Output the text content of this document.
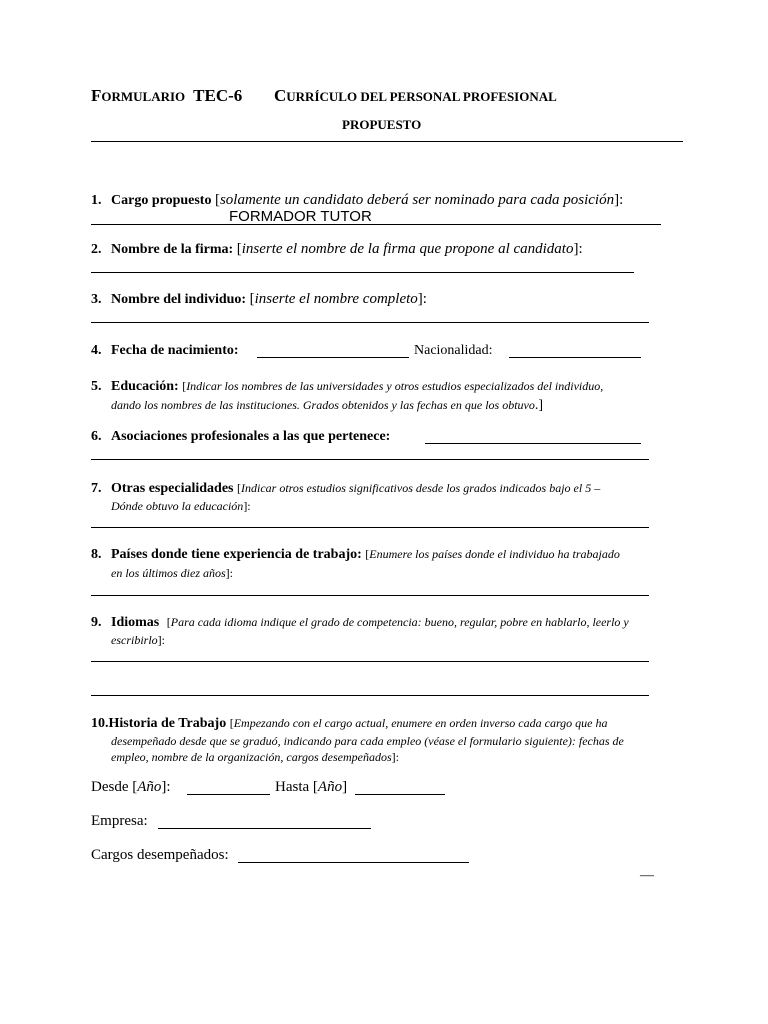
FORMULARIO TEC-6 CURRÍCULO DEL PERSONAL PROFESIONAL
PROPUESTO
1. Cargo propuesto [solamente un candidato deberá ser nominado para cada posición]:
FORMADOR TUTOR
2. Nombre de la firma: [inserte el nombre de la firma que propone al candidato]:
3. Nombre del individuo: [inserte el nombre completo]:
4. Fecha de nacimiento:	Nacionalidad:
5. Educación: [Indicar los nombres de las universidades y otros estudios especializados del individuo,
dando los nombres de las instituciones. Grados obtenidos y las fechas en que los obtuvo.]
6. Asociaciones profesionales a las que pertenece:
7. Otras especialidades [Indicar otros estudios significativos desde los grados indicados bajo el 5 –
Dónde obtuvo la educación]:
8. Países donde tiene experiencia de trabajo: [Enumere los países donde el individuo ha trabajado
en los últimos diez años]:
9. Idiomas [Para cada idioma indique el grado de competencia: bueno, regular, pobre en hablarlo, leerlo y
escribirlo]:
10.Historia de Trabajo [Empezando con el cargo actual, enumere en orden inverso cada cargo que ha
desempeñado desde que se graduó, indicando para cada empleo (véase el formulario siguiente): fechas de
empleo, nombre de la organización, cargos desempeñados]:
Desde [Año]:	Hasta [Año]
Empresa:
Cargos desempeñados:
—
